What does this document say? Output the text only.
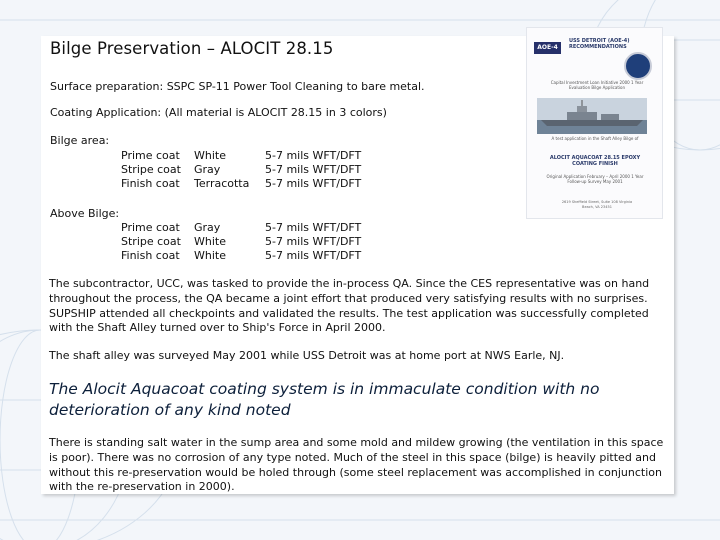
Bilge Preservation – ALOCIT 28.15
Surface preparation: SSPC SP-11 Power Tool Cleaning to bare metal.
Coating Application: (All material is ALOCIT 28.15 in 3 colors)
Bilge area:
Prime coat White	5-7 mils WFT/DFT
Stripe coat Gray	5-7 mils WFT/DFT
Finish coat Terracotta 5-7 mils WFT/DFT
Above Bilge:
Prime coat Gray	5-7 mils WFT/DFT
Stripe coat White	5-7 mils WFT/DFT
Finish coat White	5-7 mils WFT/DFT
The subcontractor, UCC, was tasked to provide the in-process QA. Since the CES representative was on hand throughout the process, the QA became a joint effort that produced very satisfying results with no surprises. SUPSHIP attended all checkpoints and validated the results. The test application was successfully completed with the Shaft Alley turned over to Ship's Force in April 2000.
The shaft alley was surveyed May 2001 while USS Detroit was at home port at NWS Earle, NJ.
The Alocit Aquacoat coating system is in immaculate condition with no deterioration of any kind noted
There is standing salt water in the sump area and some mold and mildew growing (the ventilation in this space is poor). There was no corrosion of any type noted. Much of the steel in this space (bilge) is heavily pitted and without this re-preservation would be holed through (some steel replacement was accomplished in conjunction with the re-preservation in 2000).
USS DETROIT (AOE-4)
RECOMMENDATIONS
AOE-4
Capital Investment Loan Initiative 2000 1 Year Evaluation Bilge Application
A test application in the Shaft Alley Bilge of
ALOCIT AQUACOAT 28.15 EPOXY COATING FINISH
Original Application February – April 2000 1 Year Follow-up Survey May 2001
2619 Sheffield Street, Suite 108 Virginia Beach, VA 23451
